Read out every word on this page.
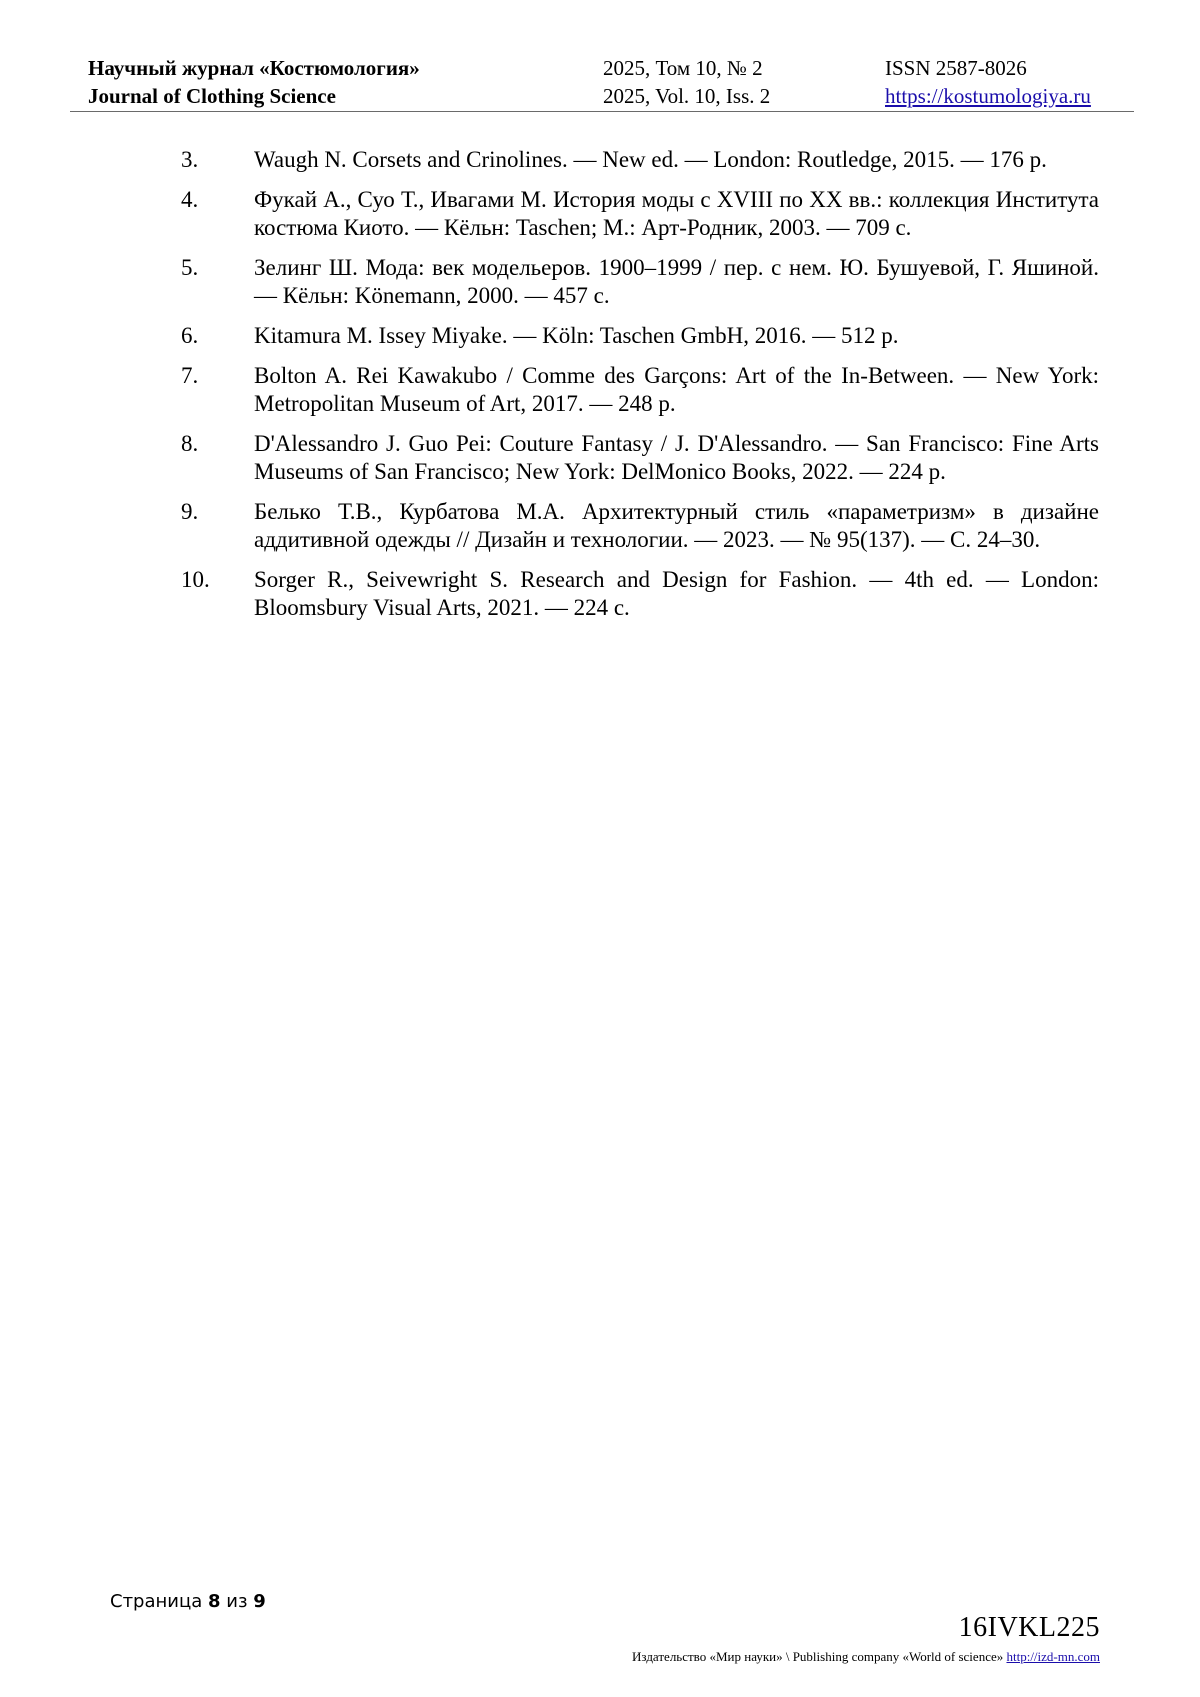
Научный журнал «Костюмология»
Journal of Clothing Science
2025, Том 10, № 2
2025, Vol. 10, Iss. 2
ISSN 2587-8026
https://kostumologiya.ru
3.	Waugh N. Corsets and Crinolines. — New ed. — London: Routledge, 2015. — 176 p.
4.	Фукай А., Суо Т., Ивагами М. История моды с XVIII по XX вв.: коллекция Института костюма Киото. — Кёльн: Taschen; М.: Арт-Родник, 2003. — 709 с.
5.	Зелинг Ш. Мода: век модельеров. 1900–1999 / пер. с нем. Ю. Бушуевой, Г. Яшиной. — Кёльн: Könemann, 2000. — 457 с.
6.	Kitamura M. Issey Miyake. — Köln: Taschen GmbH, 2016. — 512 p.
7.	Bolton A. Rei Kawakubo / Comme des Garçons: Art of the In-Between. — New York: Metropolitan Museum of Art, 2017. — 248 p.
8.	D'Alessandro J. Guo Pei: Couture Fantasy / J. D'Alessandro. — San Francisco: Fine Arts Museums of San Francisco; New York: DelMonico Books, 2022. — 224 p.
9.	Белько Т.В., Курбатова М.А. Архитектурный стиль «параметризм» в дизайне аддитивной одежды // Дизайн и технологии. — 2023. — № 95(137). — С. 24–30.
10.	Sorger R., Seivewright S. Research and Design for Fashion. — 4th ed. — London: Bloomsbury Visual Arts, 2021. — 224 с.
Страница 8 из 9
16IVKL225
Издательство «Мир науки» \ Publishing company «World of science» http://izd-mn.com
